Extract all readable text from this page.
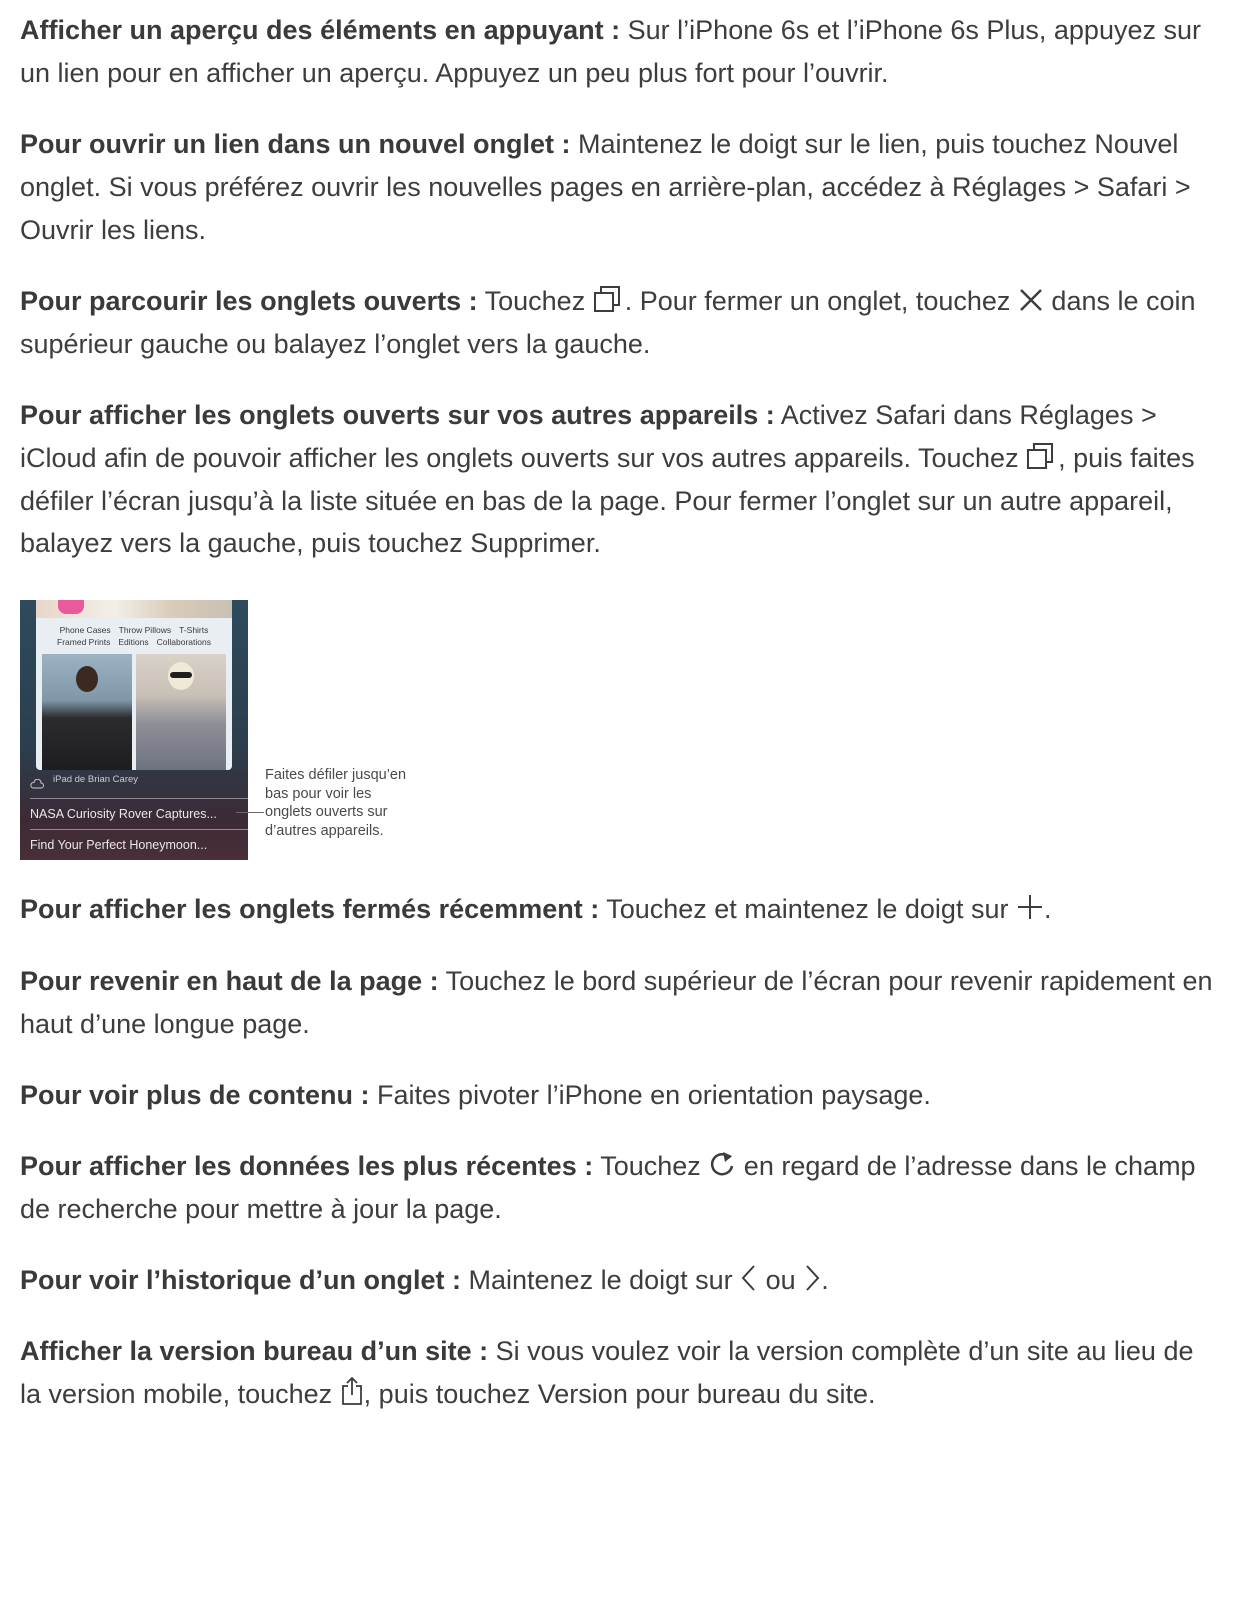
Afficher un aperçu des éléments en appuyant : Sur l’iPhone 6s et l’iPhone 6s Plus, appuyez sur un lien pour en afficher un aperçu. Appuyez un peu plus fort pour l’ouvrir.

Pour ouvrir un lien dans un nouvel onglet : Maintenez le doigt sur le lien, puis touchez Nouvel onglet. Si vous préférez ouvrir les nouvelles pages en arrière-plan, accédez à Réglages > Safari > Ouvrir les liens.

Pour parcourir les onglets ouverts : Touchez
. Pour fermer un onglet, touchez
dans le coin supérieur gauche ou balayez l’onglet vers la gauche.

Pour afficher les onglets ouverts sur vos autres appareils : Activez Safari dans Réglages > iCloud afin de pouvoir afficher les onglets ouverts sur vos autres appareils. Touchez
, puis faites défiler l’écran jusqu’à la liste située en bas de la page. Pour fermer l’onglet sur un autre appareil, balayez vers la gauche, puis touchez Supprimer.

Phone Cases Throw Pillows T-Shirts
Framed Prints Editions Collaborations
iPad de Brian Carey
NASA Curiosity Rover Captures...
Find Your Perfect Honeymoon...
Faites défiler jusqu’en bas pour voir les onglets ouverts sur d’autres appareils.

Pour afficher les onglets fermés récemment : Touchez et maintenez le doigt sur
.

Pour revenir en haut de la page : Touchez le bord supérieur de l’écran pour revenir rapidement en haut d’une longue page.

Pour voir plus de contenu : Faites pivoter l’iPhone en orientation paysage.

Pour afficher les données les plus récentes : Touchez
en regard de l’adresse dans le champ de recherche pour mettre à jour la page.

Pour voir l’historique d’un onglet : Maintenez le doigt sur
ou
.

Afficher la version bureau d’un site : Si vous voulez voir la version complète d’un site au lieu de la version mobile, touchez
, puis touchez Version pour bureau du site.
